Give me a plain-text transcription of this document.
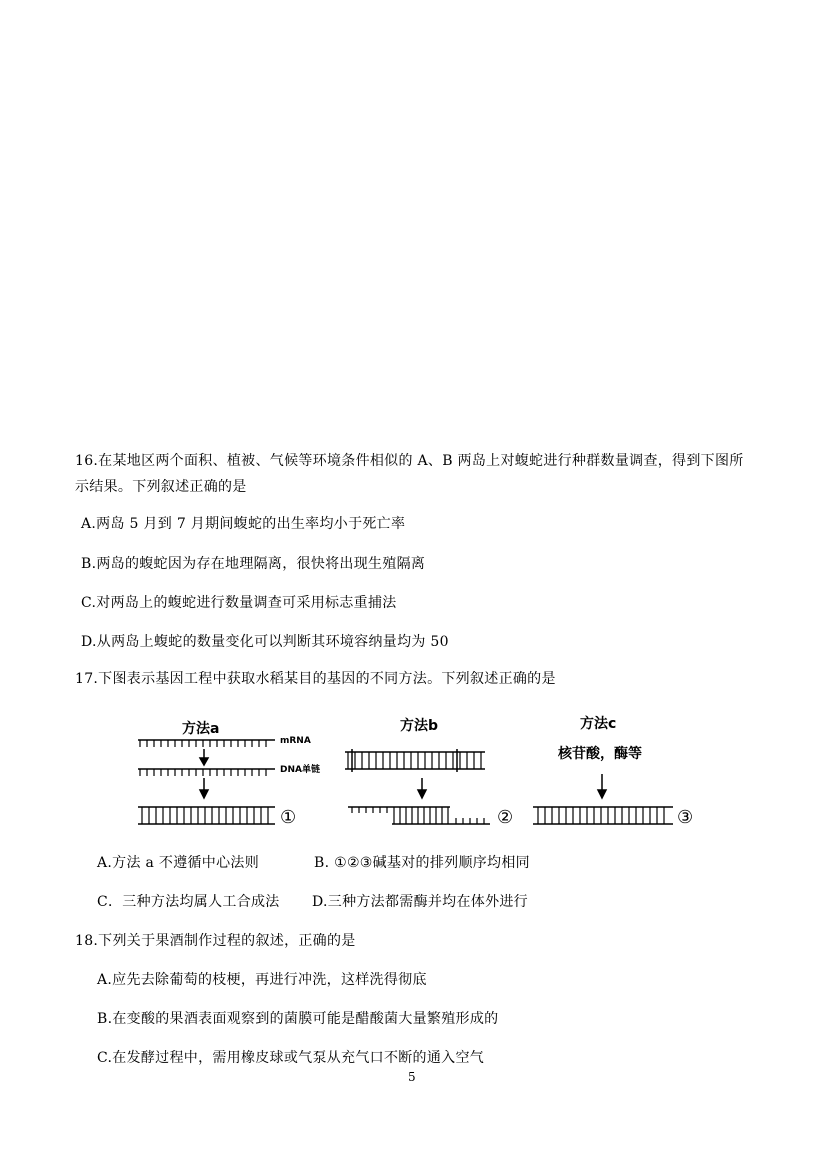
16.在某地区两个面积、植被、气候等环境条件相似的 A、B 两岛上对蝮蛇进行种群数量调查，得到下图所
示结果。下列叙述正确的是
A.两岛 5 月到 7 月期间蝮蛇的出生率均小于死亡率
B.两岛的蝮蛇因为存在地理隔离，很快将出现生殖隔离
C.对两岛上的蝮蛇进行数量调查可采用标志重捕法
D.从两岛上蝮蛇的数量变化可以判断其环境容纳量均为 50
17.下图表示基因工程中获取水稻某目的基因的不同方法。下列叙述正确的是
方法a
mRNA
DNA单链
①
方法b
②
方法c
核苷酸，酶等
③
A.方法 a 不遵循中心法则	B. ①②③碱基对的排列顺序均相同
C．三种方法均属人工合成法 D.三种方法都需酶并均在体外进行
18.下列关于果酒制作过程的叙述，正确的是
A.应先去除葡萄的枝梗，再进行冲洗，这样洗得彻底
B.在变酸的果酒表面观察到的菌膜可能是醋酸菌大量繁殖形成的
C.在发酵过程中，需用橡皮球或气泵从充气口不断的通入空气
5
